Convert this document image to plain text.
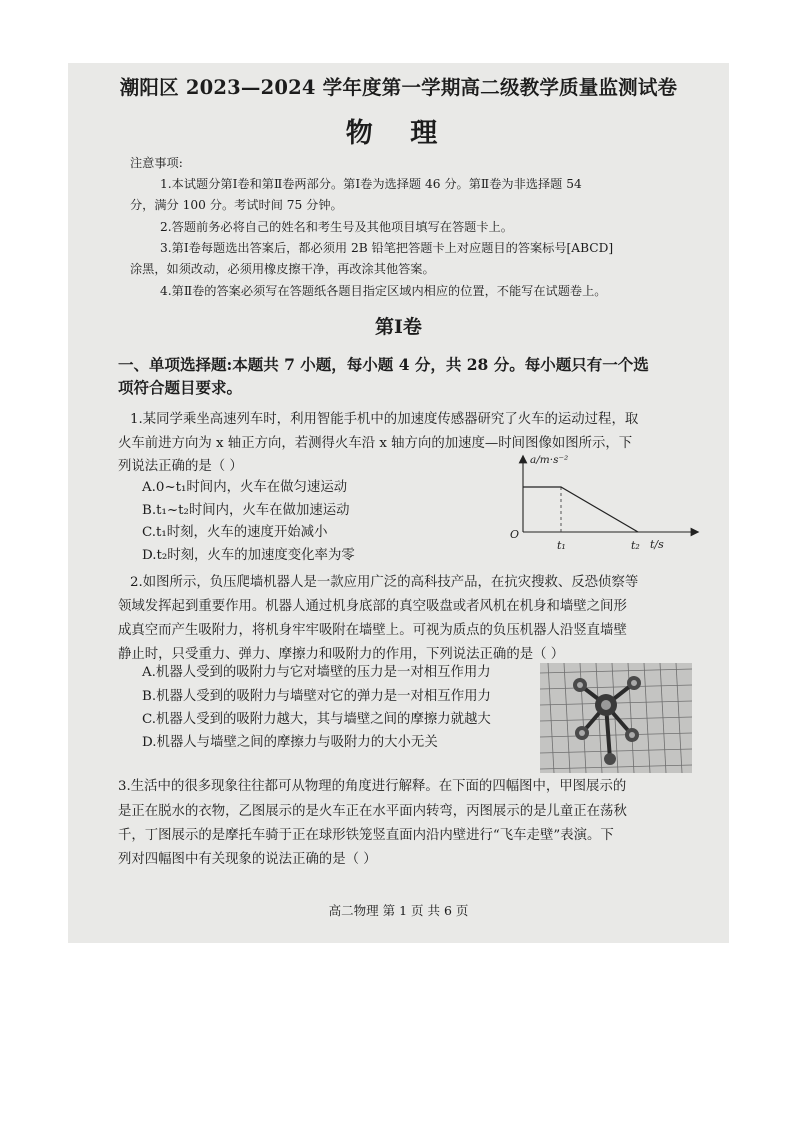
潮阳区 2023—2024 学年度第一学期高二级教学质量监测试卷
物 理
注意事项:
1.本试题分第Ⅰ卷和第Ⅱ卷两部分。第Ⅰ卷为选择题 46 分。第Ⅱ卷为非选择题 54
分，满分 100 分。考试时间 75 分钟。
2.答题前务必将自己的姓名和考生号及其他项目填写在答题卡上。
3.第Ⅰ卷每题选出答案后，都必须用 2B 铅笔把答题卡上对应题目的答案标号[ABCD]
涂黑，如须改动，必须用橡皮擦干净，再改涂其他答案。
4.第Ⅱ卷的答案必须写在答题纸各题目指定区域内相应的位置，不能写在试题卷上。
第Ⅰ卷
一、单项选择题:本题共 7 小题，每小题 4 分，共 28 分。每小题只有一个选
项符合题目要求。
1.某同学乘坐高速列车时，利用智能手机中的加速度传感器研究了火车的运动过程，取
火车前进方向为 x 轴正方向，若测得火车沿 x 轴方向的加速度—时间图像如图所示，下
列说法正确的是（ ）
A.0~t₁时间内，火车在做匀速运动
B.t₁~t₂时间内，火车在做加速运动
C.t₁时刻，火车的速度开始减小
D.t₂时刻，火车的加速度变化率为零
a/m·s⁻²
O
t₁	t₂ t/s
2.如图所示，负压爬墙机器人是一款应用广泛的高科技产品，在抗灾搜救、反恐侦察等
领域发挥起到重要作用。机器人通过机身底部的真空吸盘或者风机在机身和墙壁之间形
成真空而产生吸附力，将机身牢牢吸附在墙壁上。可视为质点的负压机器人沿竖直墙壁
静止时，只受重力、弹力、摩擦力和吸附力的作用，下列说法正确的是（ ）
A.机器人受到的吸附力与它对墙壁的压力是一对相互作用力
B.机器人受到的吸附力与墙壁对它的弹力是一对相互作用力
C.机器人受到的吸附力越大，其与墙壁之间的摩擦力就越大
D.机器人与墙壁之间的摩擦力与吸附力的大小无关
3.生活中的很多现象往往都可从物理的角度进行解释。在下面的四幅图中，甲图展示的
是正在脱水的衣物，乙图展示的是火车正在水平面内转弯，丙图展示的是儿童正在荡秋
千，丁图展示的是摩托车骑于正在球形铁笼竖直面内沿内壁进行“飞车走壁”表演。下
列对四幅图中有关现象的说法正确的是（ ）
高二物理 第 1 页 共 6 页
